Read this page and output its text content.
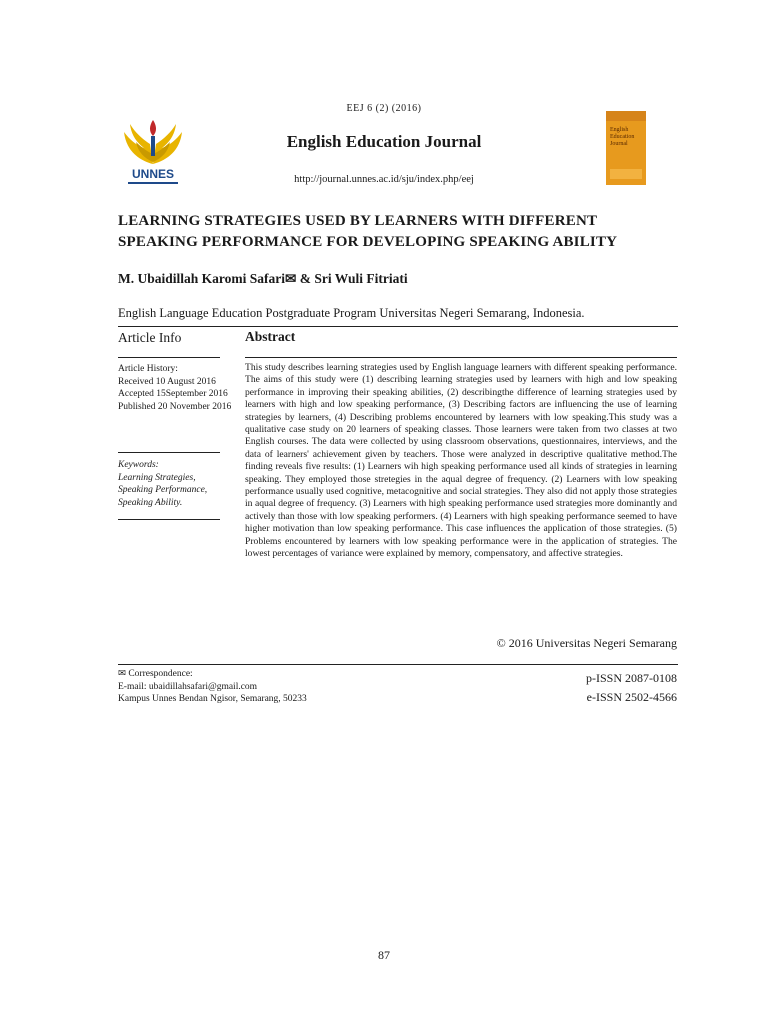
EEJ 6 (2) (2016)
English Education Journal
http://journal.unnes.ac.id/sju/index.php/eej
UNNES
English
Education
Journal
LEARNING STRATEGIES USED BY LEARNERS WITH DIFFERENT SPEAKING PERFORMANCE FOR DEVELOPING SPEAKING ABILITY
M. Ubaidillah Karomi Safari✉ & Sri Wuli Fitriati
English Language Education Postgraduate Program Universitas Negeri Semarang, Indonesia.
Article Info	Abstract
Article History:
Received 10 August 2016
Accepted 15September 2016
Published 20 November 2016
Keywords:
Learning Strategies,
Speaking Performance,
Speaking Ability.
This study describes learning strategies used by English language learners with different speaking performance. The aims of this study were (1) describing learning strategies used by learners with high and low speaking performance in improving their speaking abilities, (2) describingthe difference of learning strategies used by learners with high and low speaking performance, (3) Describing factors are influencing the use of learning strategies by learners, (4) Describing problems encountered by learners with low speaking.This study was a qualitative case study on 20 learners of speaking classes. Those learners were taken from two classes at two English courses. The data were collected by using classroom observations, questionnaires, interviews, and the data of learners' achievement given by teachers. Those were analyzed in descriptive qualitative method.The finding reveals five results: (1) Learners wih high speaking performance used all kinds of strategies in learning speaking. They employed those stretegies in the aqual degree of frequency. (2) Learners with low speaking performance usually used cognitive, metacognitive and social strategies. They also did not apply those strategies in aqual degree of frequency. (3) Learners with high speaking performance used strategies more dominantly and actively than those with low speaking performers. (4) Learners with high speaking performance seemed to have higher motivation than low speaking performance. This case influences the application of those strategies. (5) Problems encountered by learners with low speaking performance were in the application of strategies. The lowest percentages of variance were explained by memory, compensatory, and affective strategies.
© 2016 Universitas Negeri Semarang
✉ Correspondence:
E-mail: ubaidillahsafari@gmail.com
Kampus Unnes Bendan Ngisor, Semarang, 50233
p-ISSN 2087-0108
e-ISSN 2502-4566
87
